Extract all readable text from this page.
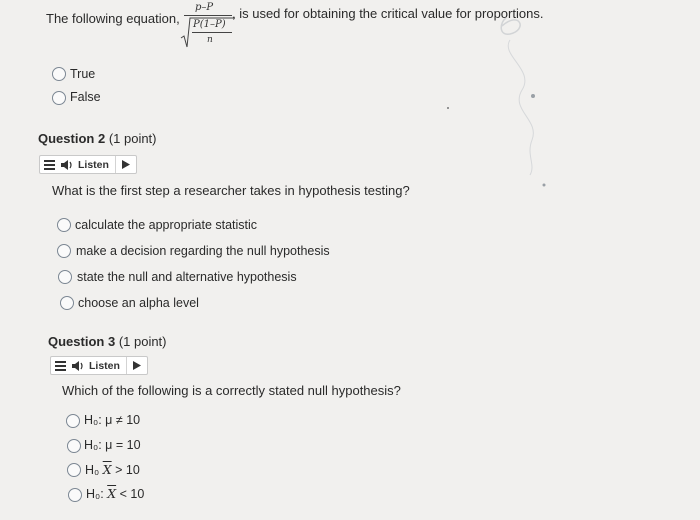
The following equation,
p–P
P(1–P)
n
, is used for obtaining the critical value for proportions.
True
False
Question 2 (1 point)
Listen
What is the first step a researcher takes in hypothesis testing?
calculate the appropriate statistic
make a decision regarding the null hypothesis
state the null and alternative hypothesis
choose an alpha level
Question 3 (1 point)
Listen
Which of the following is a correctly stated null hypothesis?
H₀: μ ≠ 10
H₀: μ = 10
H₀ $\overline{X} > 10$
H₀: $\overline{X} < 10$
